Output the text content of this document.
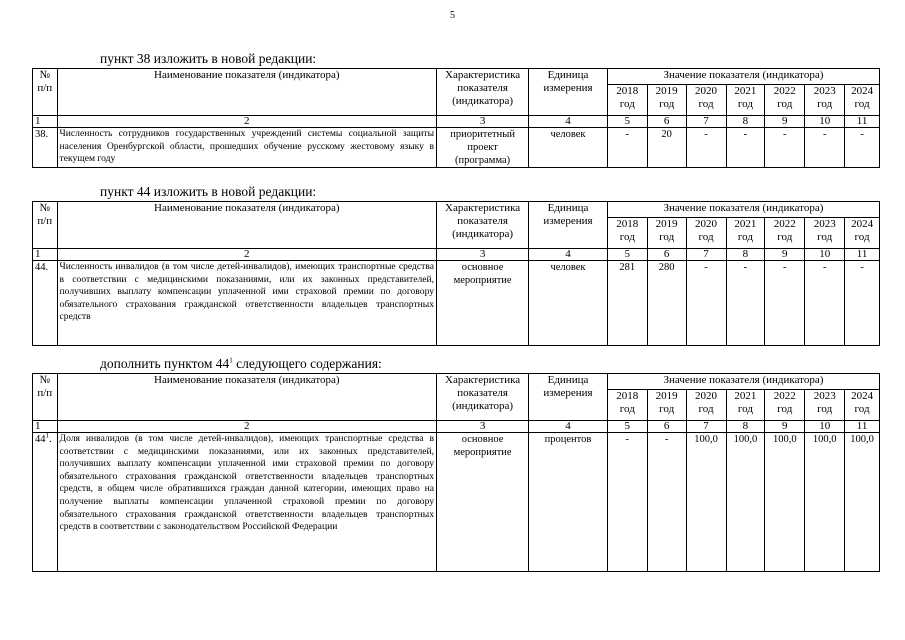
5
пункт 38 изложить в новой редакции:
№ п/п	Наименование показателя (индикатора)	Характеристика показателя (индикатора)	Единица измерения	Значение показателя (индикатора)						
				2018 год	2019 год	2020 год	2021 год	2022 год	2023 год	2024 год
1	2	3	4	5	6	7	8	9	10	11
38.	Численность сотрудников государственных учреждений системы социальной защиты населения Оренбургской области, прошедших обучение русскому жестовому языку в текущем году	приоритетный проект (программа)	человек	-	20	-	-	-	-	-
пункт 44 изложить в новой редакции:
№ п/п	Наименование показателя (индикатора)	Характеристика показателя (индикатора)	Единица измерения	Значение показателя (индикатора)						
				2018 год	2019 год	2020 год	2021 год	2022 год	2023 год	2024 год
1	2	3	4	5	6	7	8	9	10	11
44.	Численность инвалидов (в том числе детей-инвалидов), имеющих транспортные средства в соответствии с медицинскими показаниями, или их законных представителей, получивших выплату компенсации уплаченной ими страховой премии по договору обязательного страхования гражданской ответственности владельцев транспортных средств	основное мероприятие	человек	281	280	-	-	-	-	-
дополнить пунктом $44^1$ следующего содержания:
№ п/п	Наименование показателя (индикатора)	Характеристика показателя (индикатора)	Единица измерения	Значение показателя (индикатора)						
				2018 год	2019 год	2020 год	2021 год	2022 год	2023 год	2024 год
1	2	3	4	5	6	7	8	9	10	11
$44^1$.	Доля инвалидов (в том числе детей-инвалидов), имеющих транспортные средства в соответствии с медицинскими показаниями, или их законных представителей, получивших выплату компенсации уплаченной ими страховой премии по договору обязательного страхования гражданской ответственности владельцев транспортных средств, в общем числе обратившихся граждан данной категории, имеющих право на получение выплаты компенсации уплаченной страховой премии по договору обязательного страхования гражданской ответственности владельцев транспортных средств в соответствии с законодательством Российской Федерации	основное мероприятие	процентов	-	-	100,0	100,0	100,0	100,0	100,0
